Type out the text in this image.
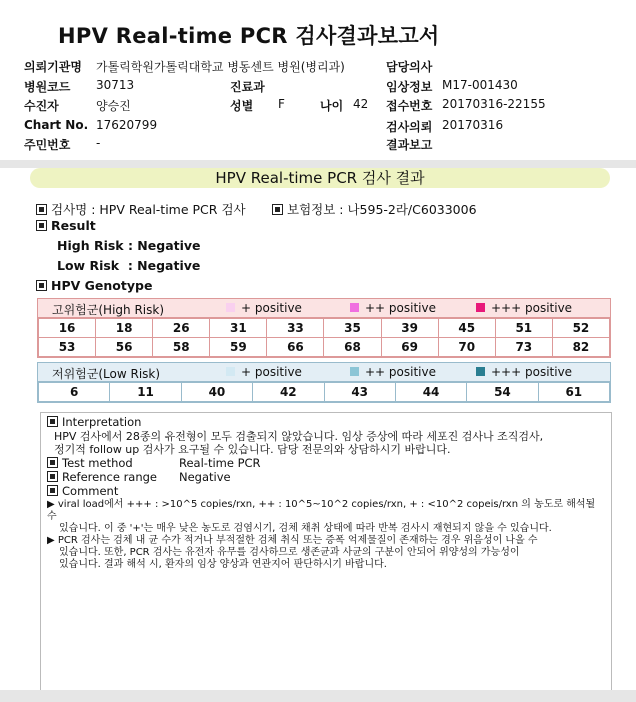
HPV Real-time PCR 검사결과보고서
의뢰기관명 가톨릭학원가톨릭대학교 병동센트 병원(병리과)	담당의사
병원코드 30713	진료과	임상정보 M17-001430
수진자	양승진	성별 F	나이 42 접수번호 20170316-22155
Chart No. 17620799	검사의뢰 20170316
주민번호 -	결과보고
HPV Real-time PCR 검사 결과
검사명 : HPV Real-time PCR 검사	보험정보 : 나595-2라/C6033006
Result
High Risk : Negative
Low Risk  : Negative
HPV Genotype
고위험군(High Risk)	+ positive	++ positive	+++ positive
16	18	26	31	33	35	39	45	51	52
53	56	58	59	66	68	69	70	73	82
저위험군(Low Risk)	+ positive	++ positive	+++ positive
6	11	40	42	43	44	54	61
Interpretation
HPV 검사에서 28종의 유전형이 모두 검출되지 않았습니다. 임상 증상에 따라 세포진 검사나 조직검사,
정기적 follow up 검사가 요구될 수 있습니다. 담당 전문의와 상담하시기 바랍니다.
Test method	Real-time PCR
Reference range Negative
Comment
▶ viral load에서 +++ : >10^5 copies/rxn, ++ : 10^5~10^2 copies/rxn, + : <10^2 copeis/rxn 의 농도로 해석될 수
있습니다. 이 중 '+'는 매우 낮은 농도로 검염시기, 검체 채취 상태에 따라 반복 검사시 재현되지 않을 수 있습니다.
▶ PCR 검사는 검체 내 균 수가 적거나 부적절한 검체 취식 또는 증폭 억제물질이 존재하는 경우 위음성이 나올 수
있습니다. 또한, PCR 검사는 유전자 유무를 검사하므로 생존균과 사균의 구분이 안되어 위양성의 가능성이
있습니다. 결과 해석 시, 환자의 임상 양상과 연관지어 판단하시기 바랍니다.
